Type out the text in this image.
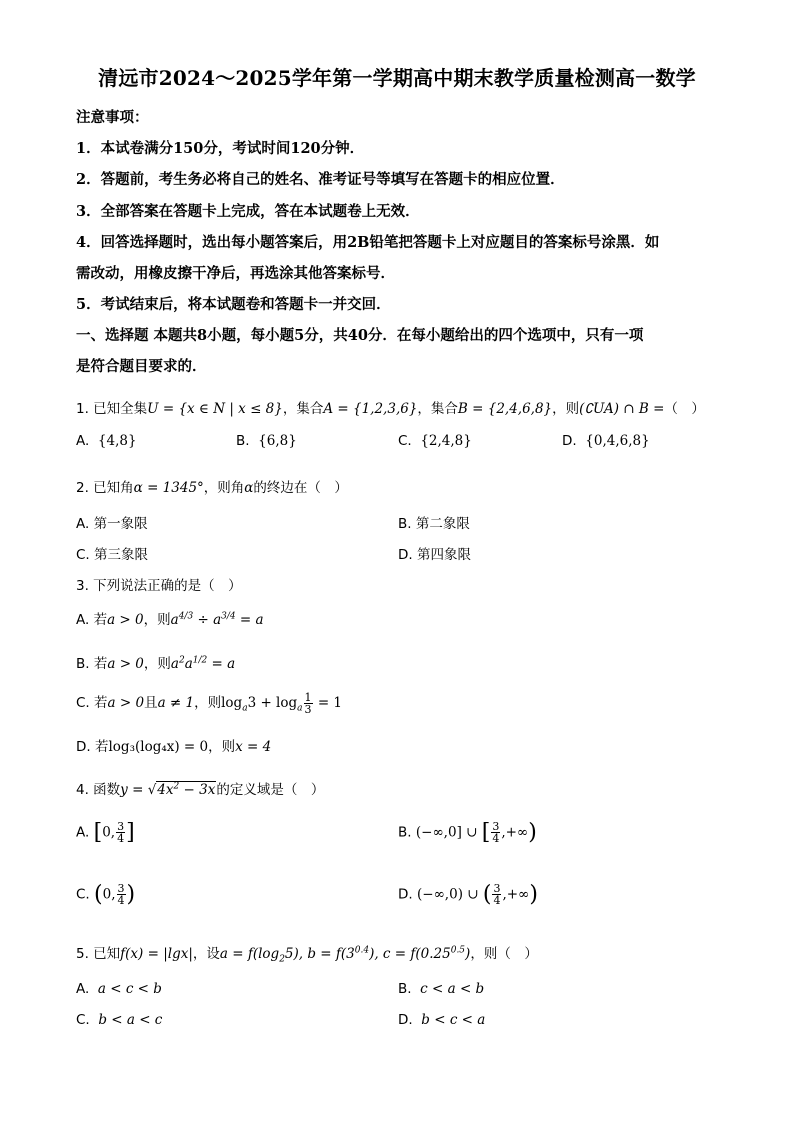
清远市2024～2025学年第一学期高中期末教学质量检测高一数学
注意事项：
1．本试卷满分150分，考试时间120分钟．
2．答题前，考生务必将自己的姓名、准考证号等填写在答题卡的相应位置．
3．全部答案在答题卡上完成，答在本试题卷上无效．
4．回答选择题时，选出每小题答案后，用2B铅笔把答题卡上对应题目的答案标号涂黑．如
需改动，用橡皮擦干净后，再选涂其他答案标号．
5．考试结束后，将本试题卷和答题卡一并交回．
一、选择题 本题共8小题，每小题5分，共40分．在每小题给出的四个选项中，只有一项
是符合题目要求的．
1. 已知全集U = {x ∈ N | x ≤ 8}，集合A = {1,2,3,6}，集合B = {2,4,6,8}，则(∁UA) ∩ B =（　）
A. {4,8}	B. {6,8}	C. {2,4,8}	D. {0,4,6,8}
2. 已知角α = 1345°，则角α的终边在（　）
A. 第一象限	B. 第二象限
C. 第三象限	D. 第四象限
3. 下列说法正确的是（　）
A. 若a > 0，则$a^{4/3} \div a^{3/4} = a$
B. 若a > 0，则$a^2a^{1/2} = a$
C. 若a > 0且a ≠ 1，则$\log_a3 + \log_a \frac{1}{3} = 1$
D. 若log₃(log₄x) = 0，则x = 4
4. 函数$y = √4x^2 - 3x$的定义域是（　）
A. [0, $\frac{3}{4}$ ]	B. (−∞,0] ∪ [ $\frac{3}{4}$ ,+∞)
C. (0, $\frac{3}{4}$ )	D. (−∞,0) ∪ ( $\frac{3}{4}$ ,+∞)
5. 已知f(x) = |lgx|，设$a = f(\log_25)$, $b = f(3^{0.4})$, $c = f(0.25^{0.5})$，则（　）
A. a < c < b	B. c < a < b
C. b < a < c	D. b < c < a
